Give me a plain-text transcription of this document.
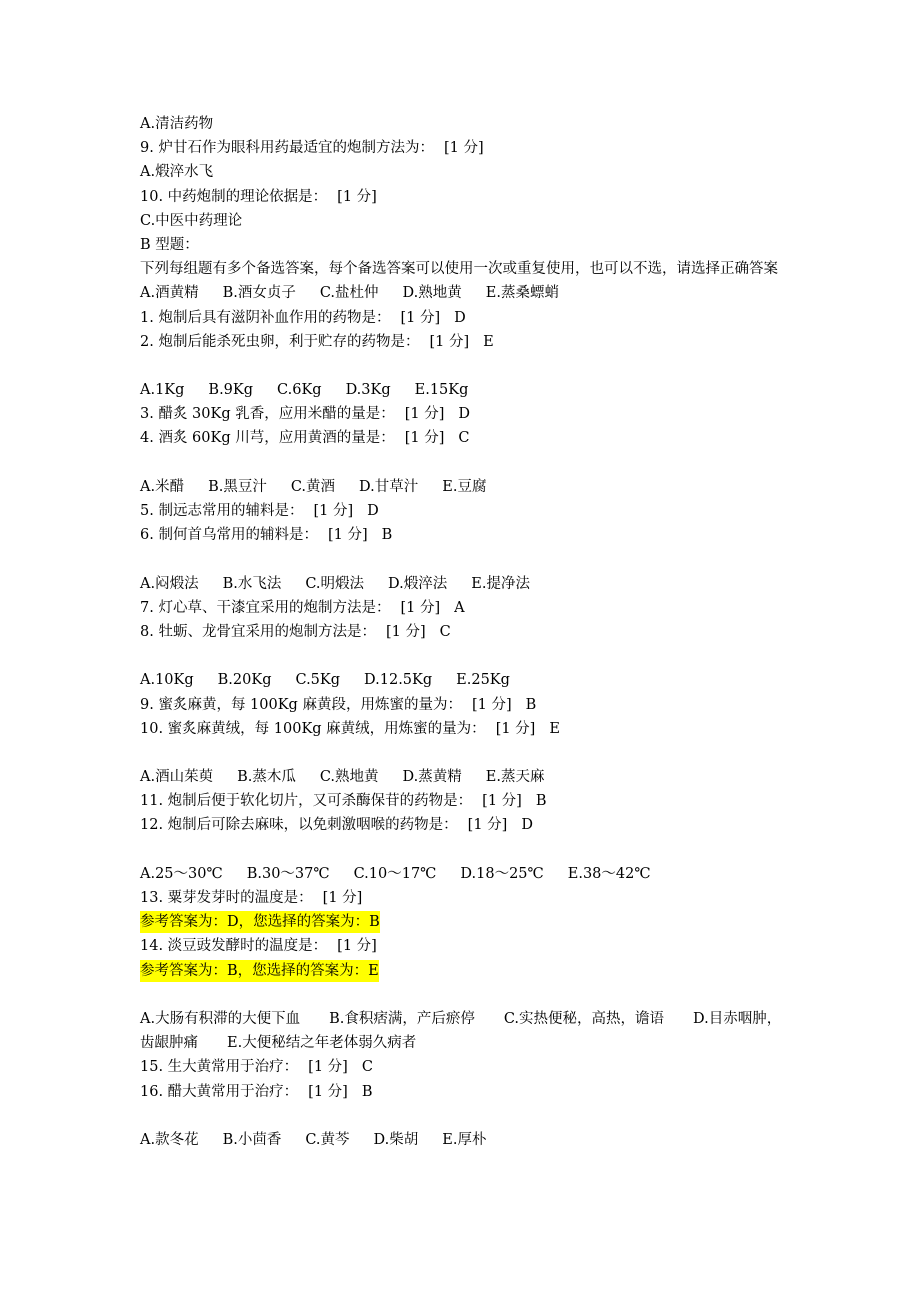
A.清洁药物
9. 炉甘石作为眼科用药最适宜的炮制方法为： [1 分]
A.煅淬水飞
10. 中药炮制的理论依据是： [1 分]
C.中医中药理论
B 型题：
下列每组题有多个备选答案，每个备选答案可以使用一次或重复使用，也可以不选，请选择正确答案
A.酒黄精 B.酒女贞子 C.盐杜仲 D.熟地黄 E.蒸桑螵蛸
1. 炮制后具有滋阴补血作用的药物是： [1 分] D
2. 炮制后能杀死虫卵，利于贮存的药物是： [1 分] E
A.1Kg B.9Kg C.6Kg D.3Kg E.15Kg
3. 醋炙 30Kg 乳香，应用米醋的量是： [1 分] D
4. 酒炙 60Kg 川芎，应用黄酒的量是： [1 分] C
A.米醋 B.黑豆汁 C.黄酒 D.甘草汁 E.豆腐
5. 制远志常用的辅料是： [1 分] D
6. 制何首乌常用的辅料是： [1 分] B
A.闷煅法 B.水飞法 C.明煅法 D.煅淬法 E.提净法
7. 灯心草、干漆宜采用的炮制方法是： [1 分] A
8. 牡蛎、龙骨宜采用的炮制方法是： [1 分] C
A.10Kg B.20Kg C.5Kg D.12.5Kg E.25Kg
9. 蜜炙麻黄，每 100Kg 麻黄段，用炼蜜的量为： [1 分] B
10. 蜜炙麻黄绒，每 100Kg 麻黄绒，用炼蜜的量为： [1 分] E
A.酒山茱萸 B.蒸木瓜 C.熟地黄 D.蒸黄精 E.蒸天麻
11. 炮制后便于软化切片，又可杀酶保苷的药物是： [1 分] B
12. 炮制后可除去麻味，以免刺激咽喉的药物是： [1 分] D
A.25～30℃ B.30～37℃ C.10～17℃ D.18～25℃ E.38～42℃
13. 粟芽发芽时的温度是： [1 分]
参考答案为：D，您选择的答案为：B
14. 淡豆豉发酵时的温度是： [1 分]
参考答案为：B，您选择的答案为：E
A.大肠有积滞的大便下血　　B.食积痞满，产后瘀停　　C.实热便秘，高热，谵语　　D.目赤咽肿，齿龈肿痛　　E.大便秘结之年老体弱久病者
15. 生大黄常用于治疗： [1 分] C
16. 醋大黄常用于治疗： [1 分] B
A.款冬花 B.小茴香 C.黄芩 D.柴胡 E.厚朴
